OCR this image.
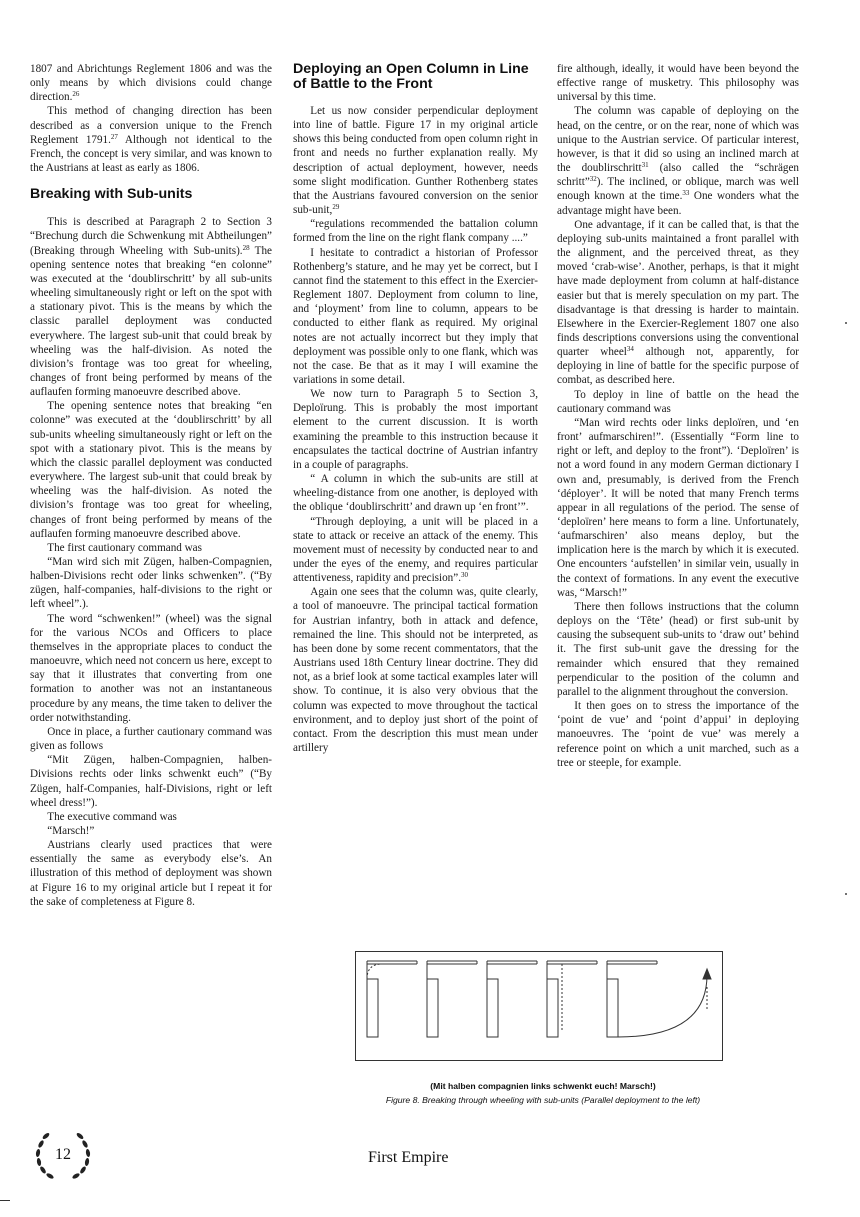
1807 and Abrichtungs Reglement 1806 and was the only means by which divisions could change direction.$^{26}$

This method of changing direction has been described as a conversion unique to the French Reglement 1791.27 Although not identical to the French, the concept is very similar, and was known to the Austrians at least as early as 1806.

Breaking with Sub-units

This is described at Paragraph 2 to Section 3 “Brechung durch die Schwenkung mit Abtheilungen” (Breaking through Wheeling with Sub-units).$^{28}$ The opening sentence notes that breaking “en colonne” was executed at the ‘doublirschritt’ by all sub-units wheeling simultaneously right or left on the spot with a stationary pivot. This is the means by which the classic parallel deployment was conducted everywhere. The largest sub-unit that could break by wheeling was the half-division. As noted the division’s frontage was too great for wheeling, changes of front being performed by means of the auflaufen forming manoeuvre described above.

The opening sentence notes that breaking “en colonne” was executed at the ‘doublirschritt’ by all sub-units wheeling simultaneously right or left on the spot with a stationary pivot. This is the means by which the classic parallel deployment was conducted everywhere. The largest sub-unit that could break by wheeling was the half-division. As noted the division’s frontage was too great for wheeling, changes of front being performed by means of the auflaufen forming manoeuvre described above.

The first cautionary command was

“Man wird sich mit Zügen, halben-Compagnien, halben-Divisions recht oder links schwenken”. (“By zügen, half-companies, half-divisions to the right or left wheel”.).

The word “schwenken!” (wheel) was the signal for the various NCOs and Officers to place themselves in the appropriate places to conduct the manoeuvre, which need not concern us here, except to say that it illustrates that converting from one formation to another was not an instantaneous procedure by any means, the time taken to deliver the order notwithstanding.

Once in place, a further cautionary command was given as follows

“Mit Zügen, halben-Compagnien, halben-Divisions rechts oder links schwenkt euch” (“By Zügen, half-Companies, half-Divisions, right or left wheel dress!”).

The executive command was

“Marsch!”

Austrians clearly used practices that were essentially the same as everybody else’s. An illustration of this method of deployment was shown at Figure 16 to my original article but I repeat it for the sake of completeness at Figure 8.

Deploying an Open Column in Line of Battle to the Front

Let us now consider perpendicular deployment into line of battle. Figure 17 in my original article shows this being conducted from open column right in front and needs no further explanation really. My description of actual deployment, however, needs some slight modification. Gunther Rothenberg states that the Austrians favoured conversion on the senior sub-unit,$^{29}$

“regulations recommended the battalion column formed from the line on the right flank company ....”

I hesitate to contradict a historian of Professor Rothenberg’s stature, and he may yet be correct, but I cannot find the statement to this effect in the Exercier-Reglement 1807. Deployment from column to line, and ‘ployment’ from line to column, appears to be conducted to either flank as required. My original notes are not actually incorrect but they imply that deployment was possible only to one flank, which was not the case. Be that as it may I will examine the variations in some detail.

We now turn to Paragraph 5 to Section 3, Deploïrung. This is probably the most important element to the current discussion. It is worth examining the preamble to this instruction because it encapsulates the tactical doctrine of Austrian infantry in a couple of paragraphs.

“ A column in which the sub-units are still at wheeling-distance from one another, is deployed with the oblique ‘doublirschritt’ and drawn up ‘en front’”.

“Through deploying, a unit will be placed in a state to attack or receive an attack of the enemy. This movement must of necessity by conducted near to and under the eyes of the enemy, and requires particular attentiveness, rapidity and precision”.$^{30}$

Again one sees that the column was, quite clearly, a tool of manoeuvre. The principal tactical formation for Austrian infantry, both in attack and defence, remained the line. This should not be interpreted, as has been done by some recent commentators, that the Austrians used 18th Century linear doctrine. They did not, as a brief look at some tactical examples later will show. To continue, it is also very obvious that the column was expected to move throughout the tactical environment, and to deploy just short of the point of contact. From the description this must mean under artillery

fire although, ideally, it would have been beyond the effective range of musketry. This philosophy was universal by this time.

The column was capable of deploying on the head, on the centre, or on the rear, none of which was unique to the Austrian service. Of particular interest, however, is that it did so using an inclined march at the doublirschritt$^{31}$ (also called the “schrägen schritt”$^{32}$). The inclined, or oblique, march was well enough known at the time.$^{33}$ One wonders what the advantage might have been.

One advantage, if it can be called that, is that the deploying sub-units maintained a front parallel with the alignment, and the perceived threat, as they moved ‘crab-wise’. Another, perhaps, is that it might have made deployment from column at half-distance easier but that is merely speculation on my part. The disadvantage is that dressing is harder to maintain. Elsewhere in the Exercier-Reglement 1807 one also finds descriptions conversions using the conventional quarter wheel$^{34}$ although not, apparently, for deploying in line of battle for the specific purpose of combat, as described here.

To deploy in line of battle on the head the cautionary command was

“Man wird rechts oder links deploïren, und ‘en front’ aufmarschiren!”. (Essentially “Form line to right or left, and deploy to the front”). ‘Deploïren’ is not a word found in any modern German dictionary I own and, presumably, is derived from the French ‘déployer’. It will be noted that many French terms appear in all regulations of the period. The sense of ‘deploïren’ here means to form a line. Unfortunately, ‘aufmarschiren’ also means deploy, but the implication here is the march by which it is executed. One encounters ‘aufstellen’ in similar vein, usually in the context of formations. In any event the executive was, “Marsch!”

There then follows instructions that the column deploys on the ‘Tête’ (head) or first sub-unit by causing the subsequent sub-units to ‘draw out’ behind it. The first sub-unit gave the dressing for the remainder which ensured that they remained perpendicular to the position of the column and parallel to the alignment throughout the conversion.

It then goes on to stress the importance of the ‘point de vue’ and ‘point d’appui’ in deploying manoeuvres. The ‘point de vue’ was merely a reference point on which a unit marched, such as a tree or steeple, for example.

(Mit halben compagnien links schwenkt euch! Marsch!)
Figure 8. Breaking through wheeling with sub-units (Parallel deployment to the left)
12	First Empire
